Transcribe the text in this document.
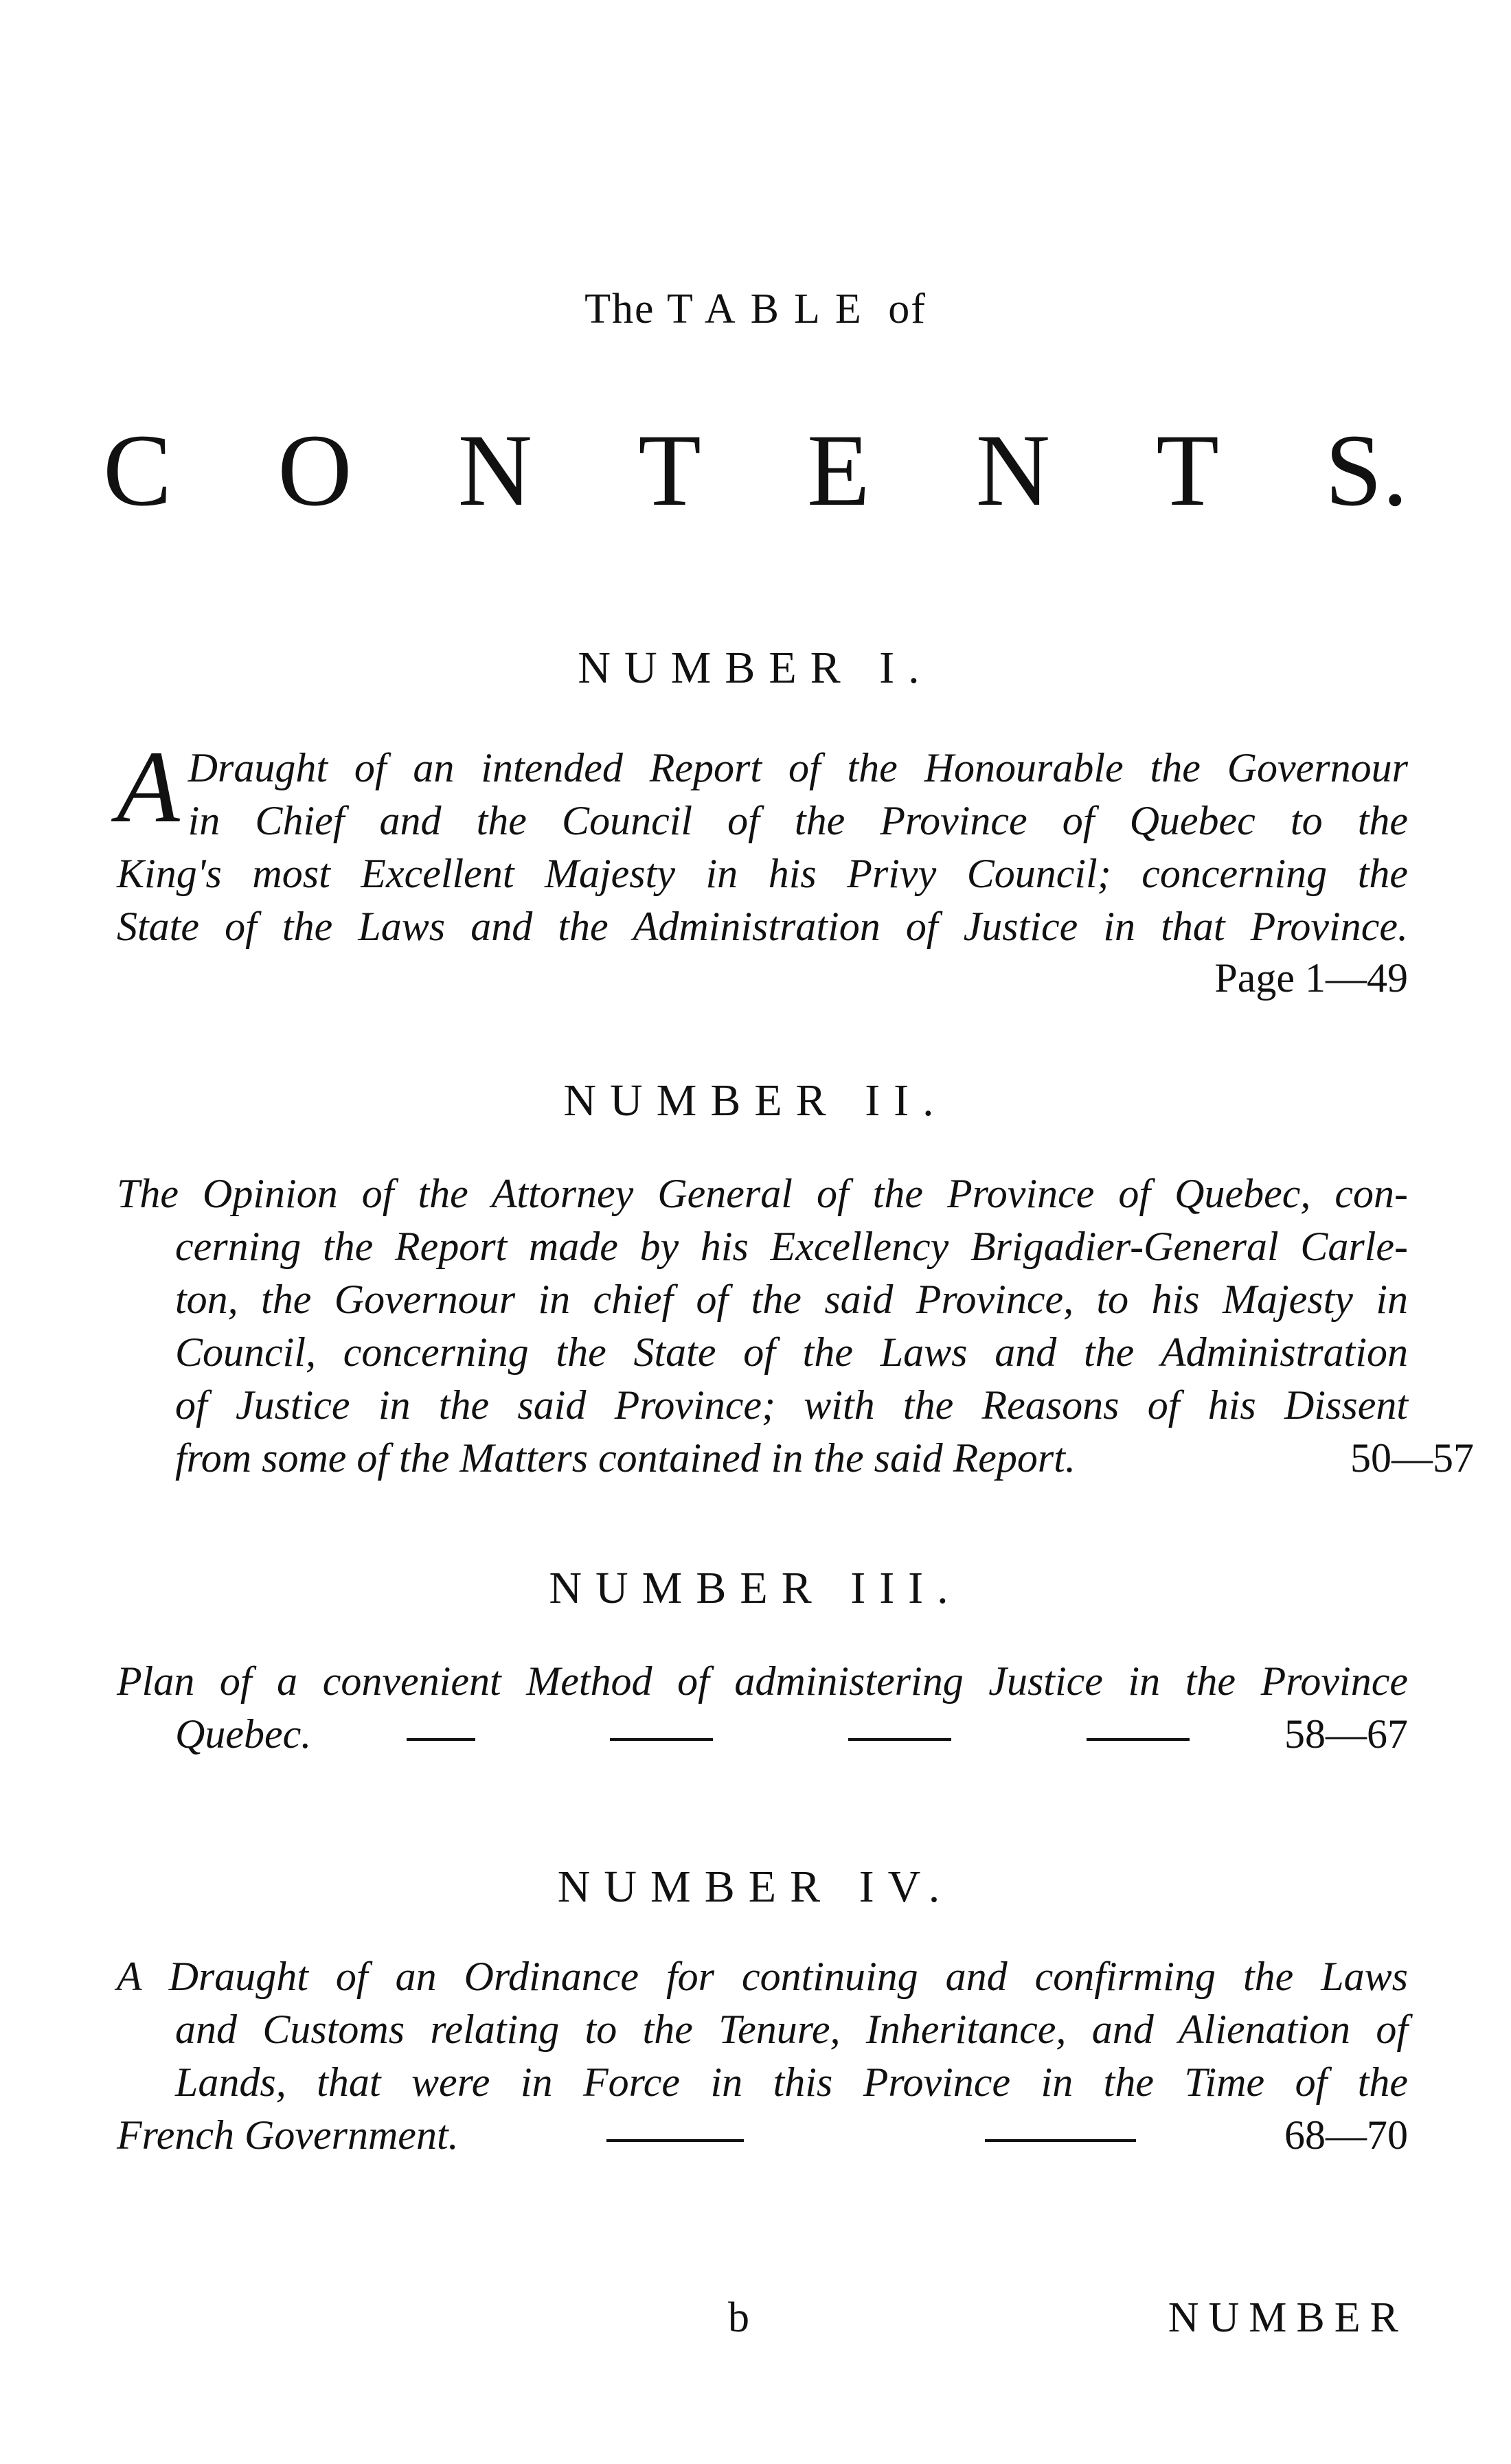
The TABLE of
C O N T E N T S.
NUMBER I.
A Draught of an intended Report of the Honourable the Governour
in Chief and the Council of the Province of Quebec to the
King's most Excellent Majesty in his Privy Council; concerning the
State of the Laws and the Administration of Justice in that Province.
Page 1—49
NUMBER II.
The Opinion of the Attorney General of the Province of Quebec, con-
cerning the Report made by his Excellency Brigadier-General Carle-
ton, the Governour in chief of the said Province, to his Majesty in
Council, concerning the State of the Laws and the Administration
of Justice in the said Province; with the Reasons of his Dissent
from some of the Matters contained in the said Report.	50—57
NUMBER III.
Plan of a convenient Method of administering Justice in the Province
Quebec.	58—67
NUMBER IV.
A Draught of an Ordinance for continuing and confirming the Laws
and Customs relating to the Tenure, Inheritance, and Alienation of
Lands, that were in Force in this Province in the Time of the
French Government.	68—70
b	NUMBER
